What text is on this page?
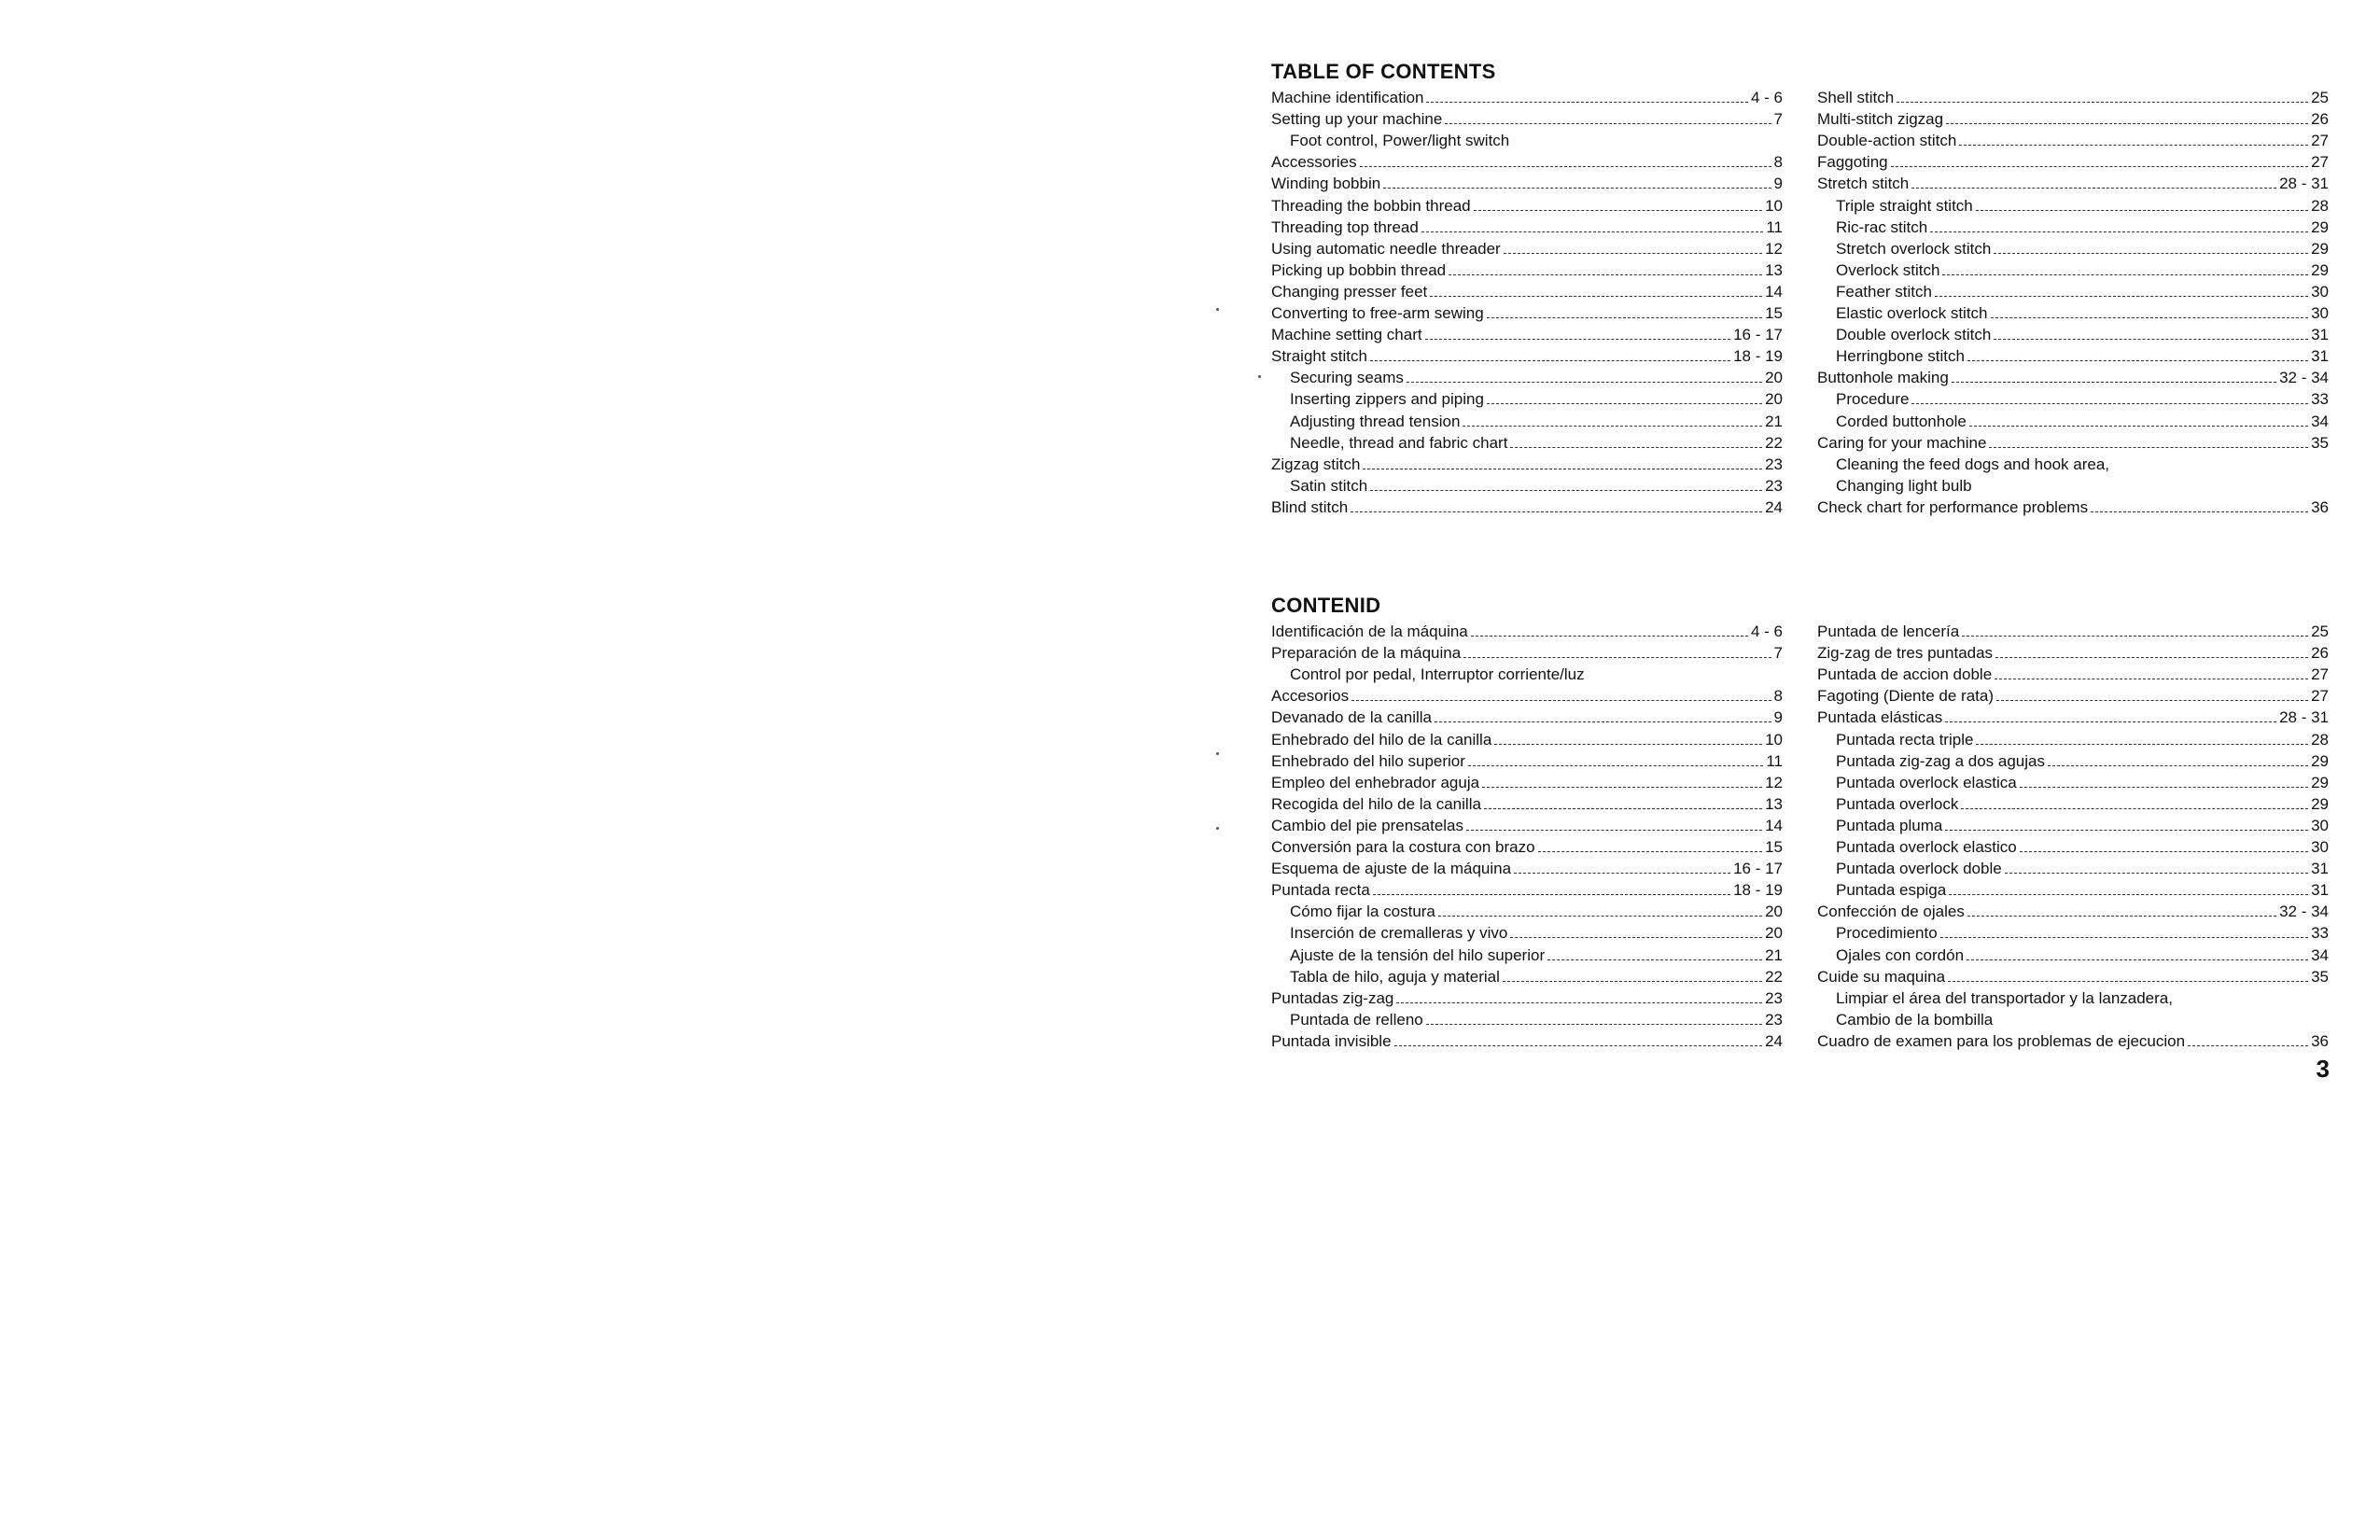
TABLE OF CONTENTS
Machine identification	4 - 6
Setting up your machine	7
Foot control, Power/light switch
Accessories	8
Winding bobbin	9
Threading the bobbin thread	10
Threading top thread	11
Using automatic needle threader	12
Picking up bobbin thread	13
Changing presser feet	14
Converting to free-arm sewing	15
Machine setting chart	16 - 17
Straight stitch	18 - 19
Securing seams	20
Inserting zippers and piping	20
Adjusting thread tension	21
Needle, thread and fabric chart	22
Zigzag stitch	23
Satin stitch	23
Blind stitch	24
Shell stitch	25
Multi-stitch zigzag	26
Double-action stitch	27
Faggoting	27
Stretch stitch	28 - 31
Triple straight stitch	28
Ric-rac stitch	29
Stretch overlock stitch	29
Overlock stitch	29
Feather stitch	30
Elastic overlock stitch	30
Double overlock stitch	31
Herringbone stitch	31
Buttonhole making	32 - 34
Procedure	33
Corded buttonhole	34
Caring for your machine	35
Cleaning the feed dogs and hook area,
Changing light bulb
Check chart for performance problems	36
CONTENID
Identificación de la máquina	4 - 6
Preparación de la máquina	7
Control por pedal, Interruptor corriente/luz
Accesorios	8
Devanado de la canilla	9
Enhebrado del hilo de la canilla	10
Enhebrado del hilo superior	11
Empleo del enhebrador aguja	12
Recogida del hilo de la canilla	13
Cambio del pie prensatelas	14
Conversión para la costura con brazo	15
Esquema de ajuste de la máquina	16 - 17
Puntada recta	18 - 19
Cómo fijar la costura	20
Inserción de cremalleras y vivo	20
Ajuste de la tensión del hilo superior	21
Tabla de hilo, aguja y material	22
Puntadas zig-zag	23
Puntada de relleno	23
Puntada invisible	24
Puntada de lencería	25
Zig-zag de tres puntadas	26
Puntada de accion doble	27
Fagoting (Diente de rata)	27
Puntada elásticas	28 - 31
Puntada recta triple	28
Puntada zig-zag a dos agujas	29
Puntada overlock elastica	29
Puntada overlock	29
Puntada pluma	30
Puntada overlock elastico	30
Puntada overlock doble	31
Puntada espiga	31
Confección de ojales	32 - 34
Procedimiento	33
Ojales con cordón	34
Cuide su maquina	35
Limpiar el área del transportador y la lanzadera,
Cambio de la bombilla
Cuadro de examen para los problemas de ejecucion	36
3
